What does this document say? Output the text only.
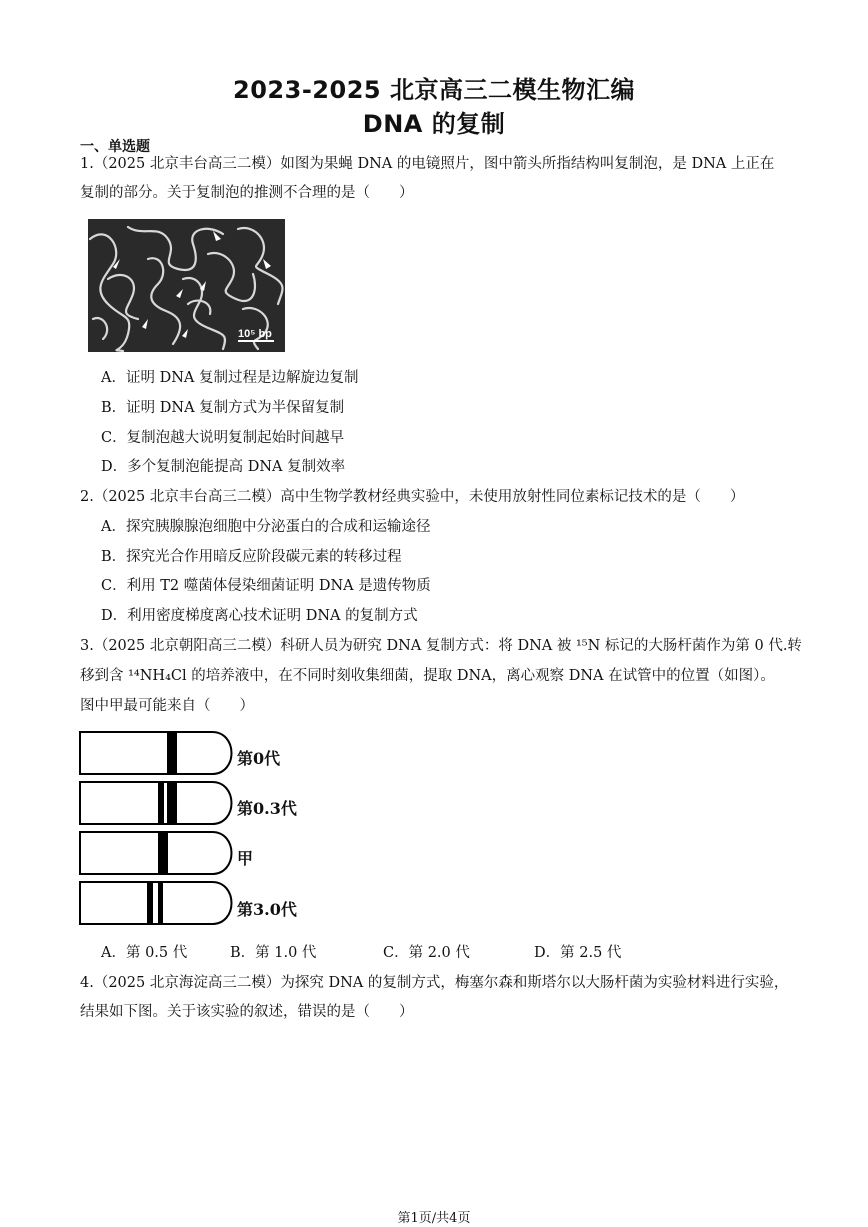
2023-2025 北京高三二模生物汇编
DNA 的复制
一、单选题
1.（2025 北京丰台高三二模）如图为果蝇 DNA 的电镜照片，图中箭头所指结构叫复制泡，是 DNA 上正在
复制的部分。关于复制泡的推测不合理的是（　　）
10⁵ bp
A．证明 DNA 复制过程是边解旋边复制
B．证明 DNA 复制方式为半保留复制
C．复制泡越大说明复制起始时间越早
D．多个复制泡能提高 DNA 复制效率
2.（2025 北京丰台高三二模）高中生物学教材经典实验中，未使用放射性同位素标记技术的是（　　）
A．探究胰腺腺泡细胞中分泌蛋白的合成和运输途径
B．探究光合作用暗反应阶段碳元素的转移过程
C．利用 T2 噬菌体侵染细菌证明 DNA 是遗传物质
D．利用密度梯度离心技术证明 DNA 的复制方式
3.（2025 北京朝阳高三二模）科研人员为研究 DNA 复制方式：将 DNA 被 ¹⁵N 标记的大肠杆菌作为第 0 代.转
移到含 ¹⁴NH₄Cl 的培养液中，在不同时刻收集细菌，提取 DNA，离心观察 DNA 在试管中的位置（如图）。
图中甲最可能来自（　　）
第0代
第0.3代
甲
第3.0代
A．第 0.5 代	B．第 1.0 代	C．第 2.0 代	D．第 2.5 代
4.（2025 北京海淀高三二模）为探究 DNA 的复制方式，梅塞尔森和斯塔尔以大肠杆菌为实验材料进行实验，
结果如下图。关于该实验的叙述，错误的是（　　）
第1页/共4页
